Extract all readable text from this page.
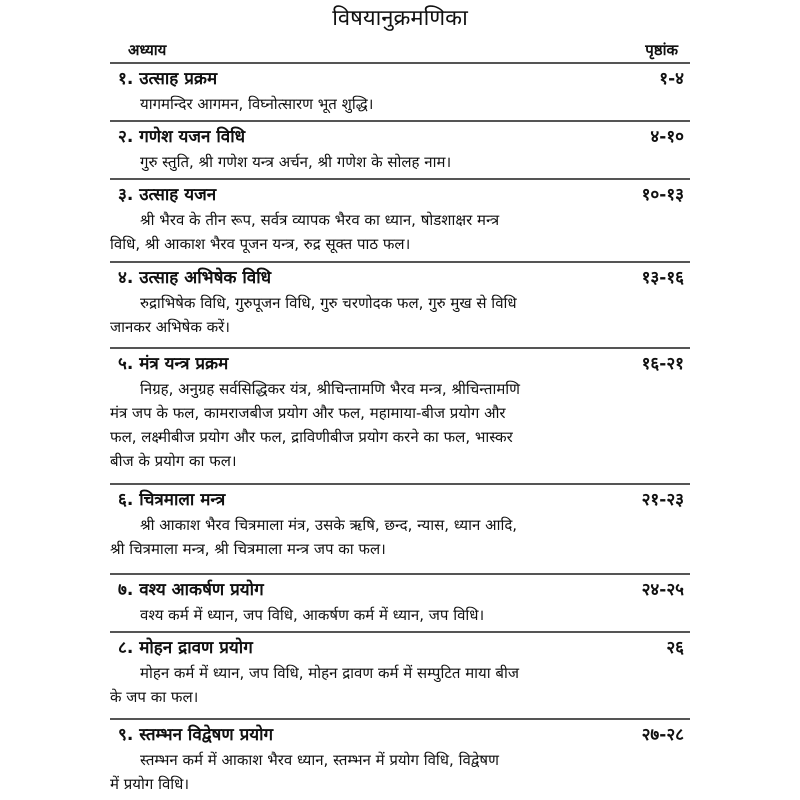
विषयानुक्रमणिका
अध्याय	पृष्ठांक
१. उत्साह प्रक्रम	१-४
यागमन्दिर आगमन, विघ्नोत्सारण भूत शुद्धि।
२. गणेश यजन विधि	४-१०
गुरु स्तुति, श्री गणेश यन्त्र अर्चन, श्री गणेश के सोलह नाम।
३. उत्साह यजन	१०-१३
श्री भैरव के तीन रूप, सर्वत्र व्यापक भैरव का ध्यान, षोडशाक्षर मन्त्र
विधि, श्री आकाश भैरव पूजन यन्त्र, रुद्र सूक्त पाठ फल।
४. उत्साह अभिषेक विधि	१३-१६
रुद्राभिषेक विधि, गुरुपूजन विधि, गुरु चरणोदक फल, गुरु मुख से विधि
जानकर अभिषेक करें।
५. मंत्र यन्त्र प्रक्रम	१६-२१
निग्रह, अनुग्रह सर्वसिद्धिकर यंत्र, श्रीचिन्तामणि भैरव मन्त्र, श्रीचिन्तामणि
मंत्र जप के फल, कामराजबीज प्रयोग और फल, महामाया-बीज प्रयोग और
फल, लक्ष्मीबीज प्रयोग और फल, द्राविणीबीज प्रयोग करने का फल, भास्कर
बीज के प्रयोग का फल।
६. चित्रमाला मन्त्र	२१-२३
श्री आकाश भैरव चित्रमाला मंत्र, उसके ऋषि, छन्द, न्यास, ध्यान आदि,
श्री चित्रमाला मन्त्र, श्री चित्रमाला मन्त्र जप का फल।
७. वश्य आकर्षण प्रयोग	२४-२५
वश्य कर्म में ध्यान, जप विधि, आकर्षण कर्म में ध्यान, जप विधि।
८. मोहन द्रावण प्रयोग	२६
मोहन कर्म में ध्यान, जप विधि, मोहन द्रावण कर्म में सम्पुटित माया बीज
के जप का फल।
९. स्तम्भन विद्वेषण प्रयोग	२७-२८
स्तम्भन कर्म में आकाश भैरव ध्यान, स्तम्भन में प्रयोग विधि, विद्वेषण
में प्रयोग विधि।
